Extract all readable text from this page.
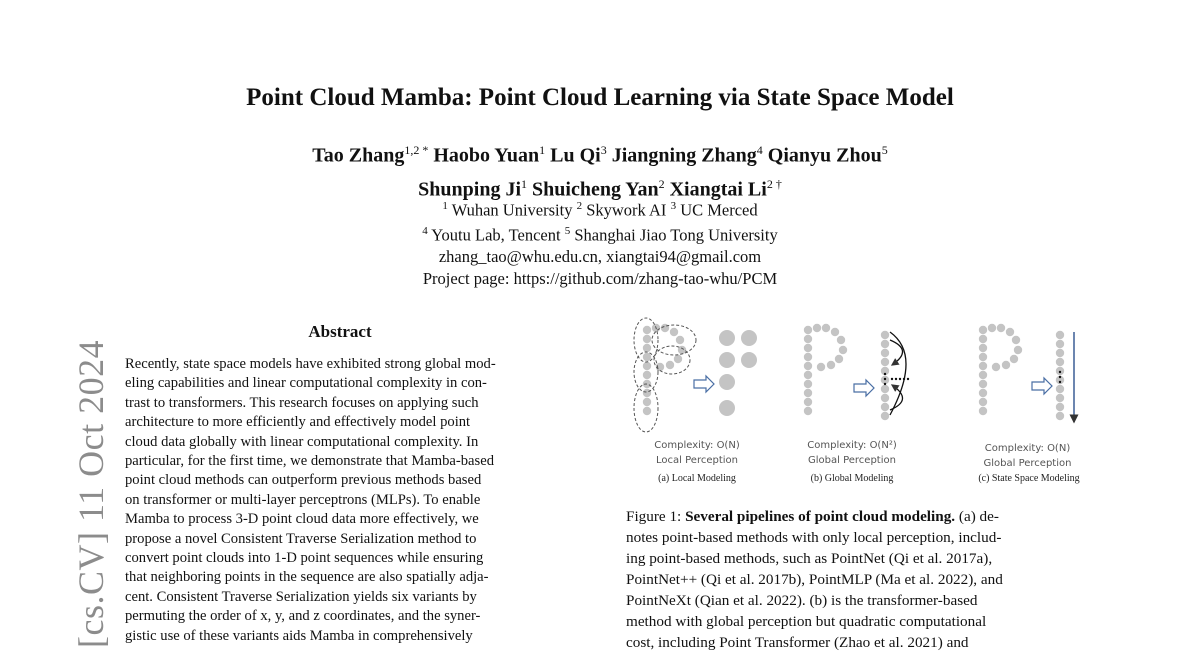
[cs.CV] 11 Oct 2024
Point Cloud Mamba: Point Cloud Learning via State Space Model
Tao Zhang$^{1,2 *}$ Haobo Yuan$^1$ Lu Qi$^3$ Jiangning Zhang$^4$ Qianyu Zhou$^5$
Shunping Ji$^1$ Shuicheng Yan$^2$ Xiangtai $Li^{2 \dagger}$
$^1$ Wuhan University $^2$ Skywork AI $^3$ UC Merced
$^4$ Youtu Lab, Tencent $^5$ Shanghai Jiao Tong University
zhang_tao@whu.edu.cn, xiangtai94@gmail.com
Project page: https://github.com/zhang-tao-whu/PCM
Abstract
Recently, state space models have exhibited strong global mod-
eling capabilities and linear computational complexity in con-
trast to transformers. This research focuses on applying such
architecture to more efficiently and effectively model point
cloud data globally with linear computational complexity. In
particular, for the first time, we demonstrate that Mamba-based
point cloud methods can outperform previous methods based
on transformer or multi-layer perceptrons (MLPs). To enable
Mamba to process 3-D point cloud data more effectively, we
propose a novel Consistent Traverse Serialization method to
convert point clouds into 1-D point sequences while ensuring
that neighboring points in the sequence are also spatially adja-
cent. Consistent Traverse Serialization yields six variants by
permuting the order of x, y, and z coordinates, and the syner-
gistic use of these variants aids Mamba in comprehensively
Complexity: O(N)
Local Perception
(a) Local Modeling
Complexity: O(N²)
Global Perception
(b) Global Modeling
Complexity: O(N)
Global Perception
(c) State Space Modeling
Figure 1: Several pipelines of point cloud modeling. (a) de-
notes point-based methods with only local perception, includ-
ing point-based methods, such as PointNet (Qi et al. 2017a),
PointNet++ (Qi et al. 2017b), PointMLP (Ma et al. 2022), and
PointNeXt (Qian et al. 2022). (b) is the transformer-based
method with global perception but quadratic computational
cost, including Point Transformer (Zhao et al. 2021) and
